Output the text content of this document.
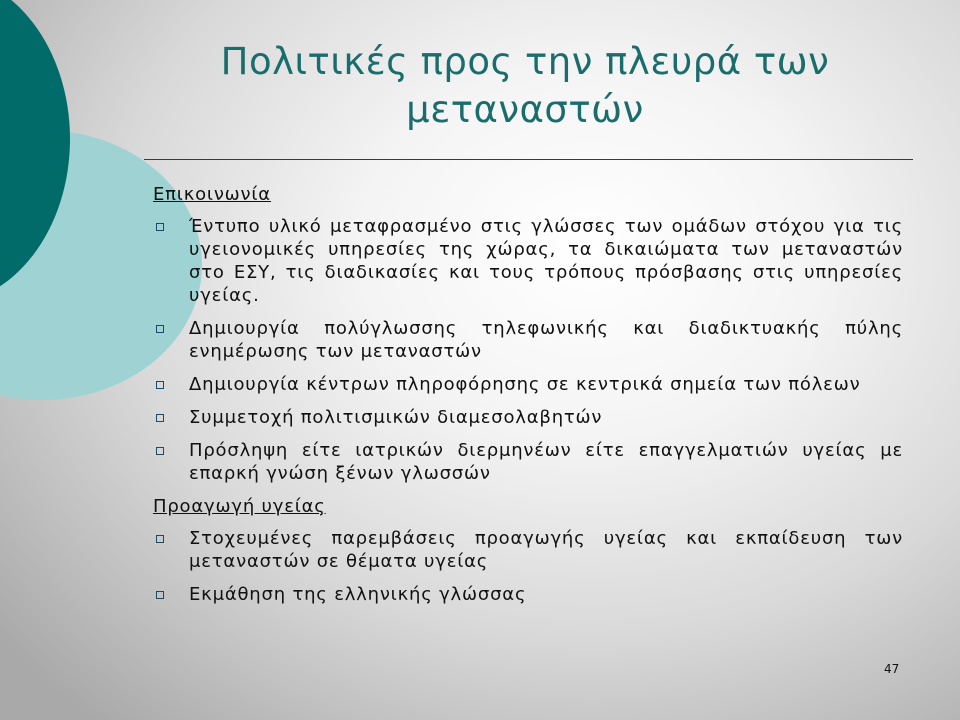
Πολιτικές προς την πλευρά των
μεταναστών
Επικοινωνία
Έντυπο υλικό μεταφρασμένο στις γλώσσες των ομάδων στόχου για τις υγειονομικές υπηρεσίες της χώρας, τα δικαιώματα των μεταναστών στο ΕΣΥ, τις διαδικασίες και τους τρόπους πρόσβασης στις υπηρεσίες υγείας.
Δημιουργία πολύγλωσσης τηλεφωνικής και διαδικτυακής πύλης ενημέρωσης των μεταναστών
Δημιουργία κέντρων πληροφόρησης σε κεντρικά σημεία των πόλεων
Συμμετοχή πολιτισμικών διαμεσολαβητών
Πρόσληψη είτε ιατρικών διερμηνέων είτε επαγγελματιών υγείας με επαρκή γνώση ξένων γλωσσών
Προαγωγή υγείας
Στοχευμένες παρεμβάσεις προαγωγής υγείας και εκπαίδευση των μεταναστών σε θέματα υγείας
Εκμάθηση της ελληνικής γλώσσας
47
